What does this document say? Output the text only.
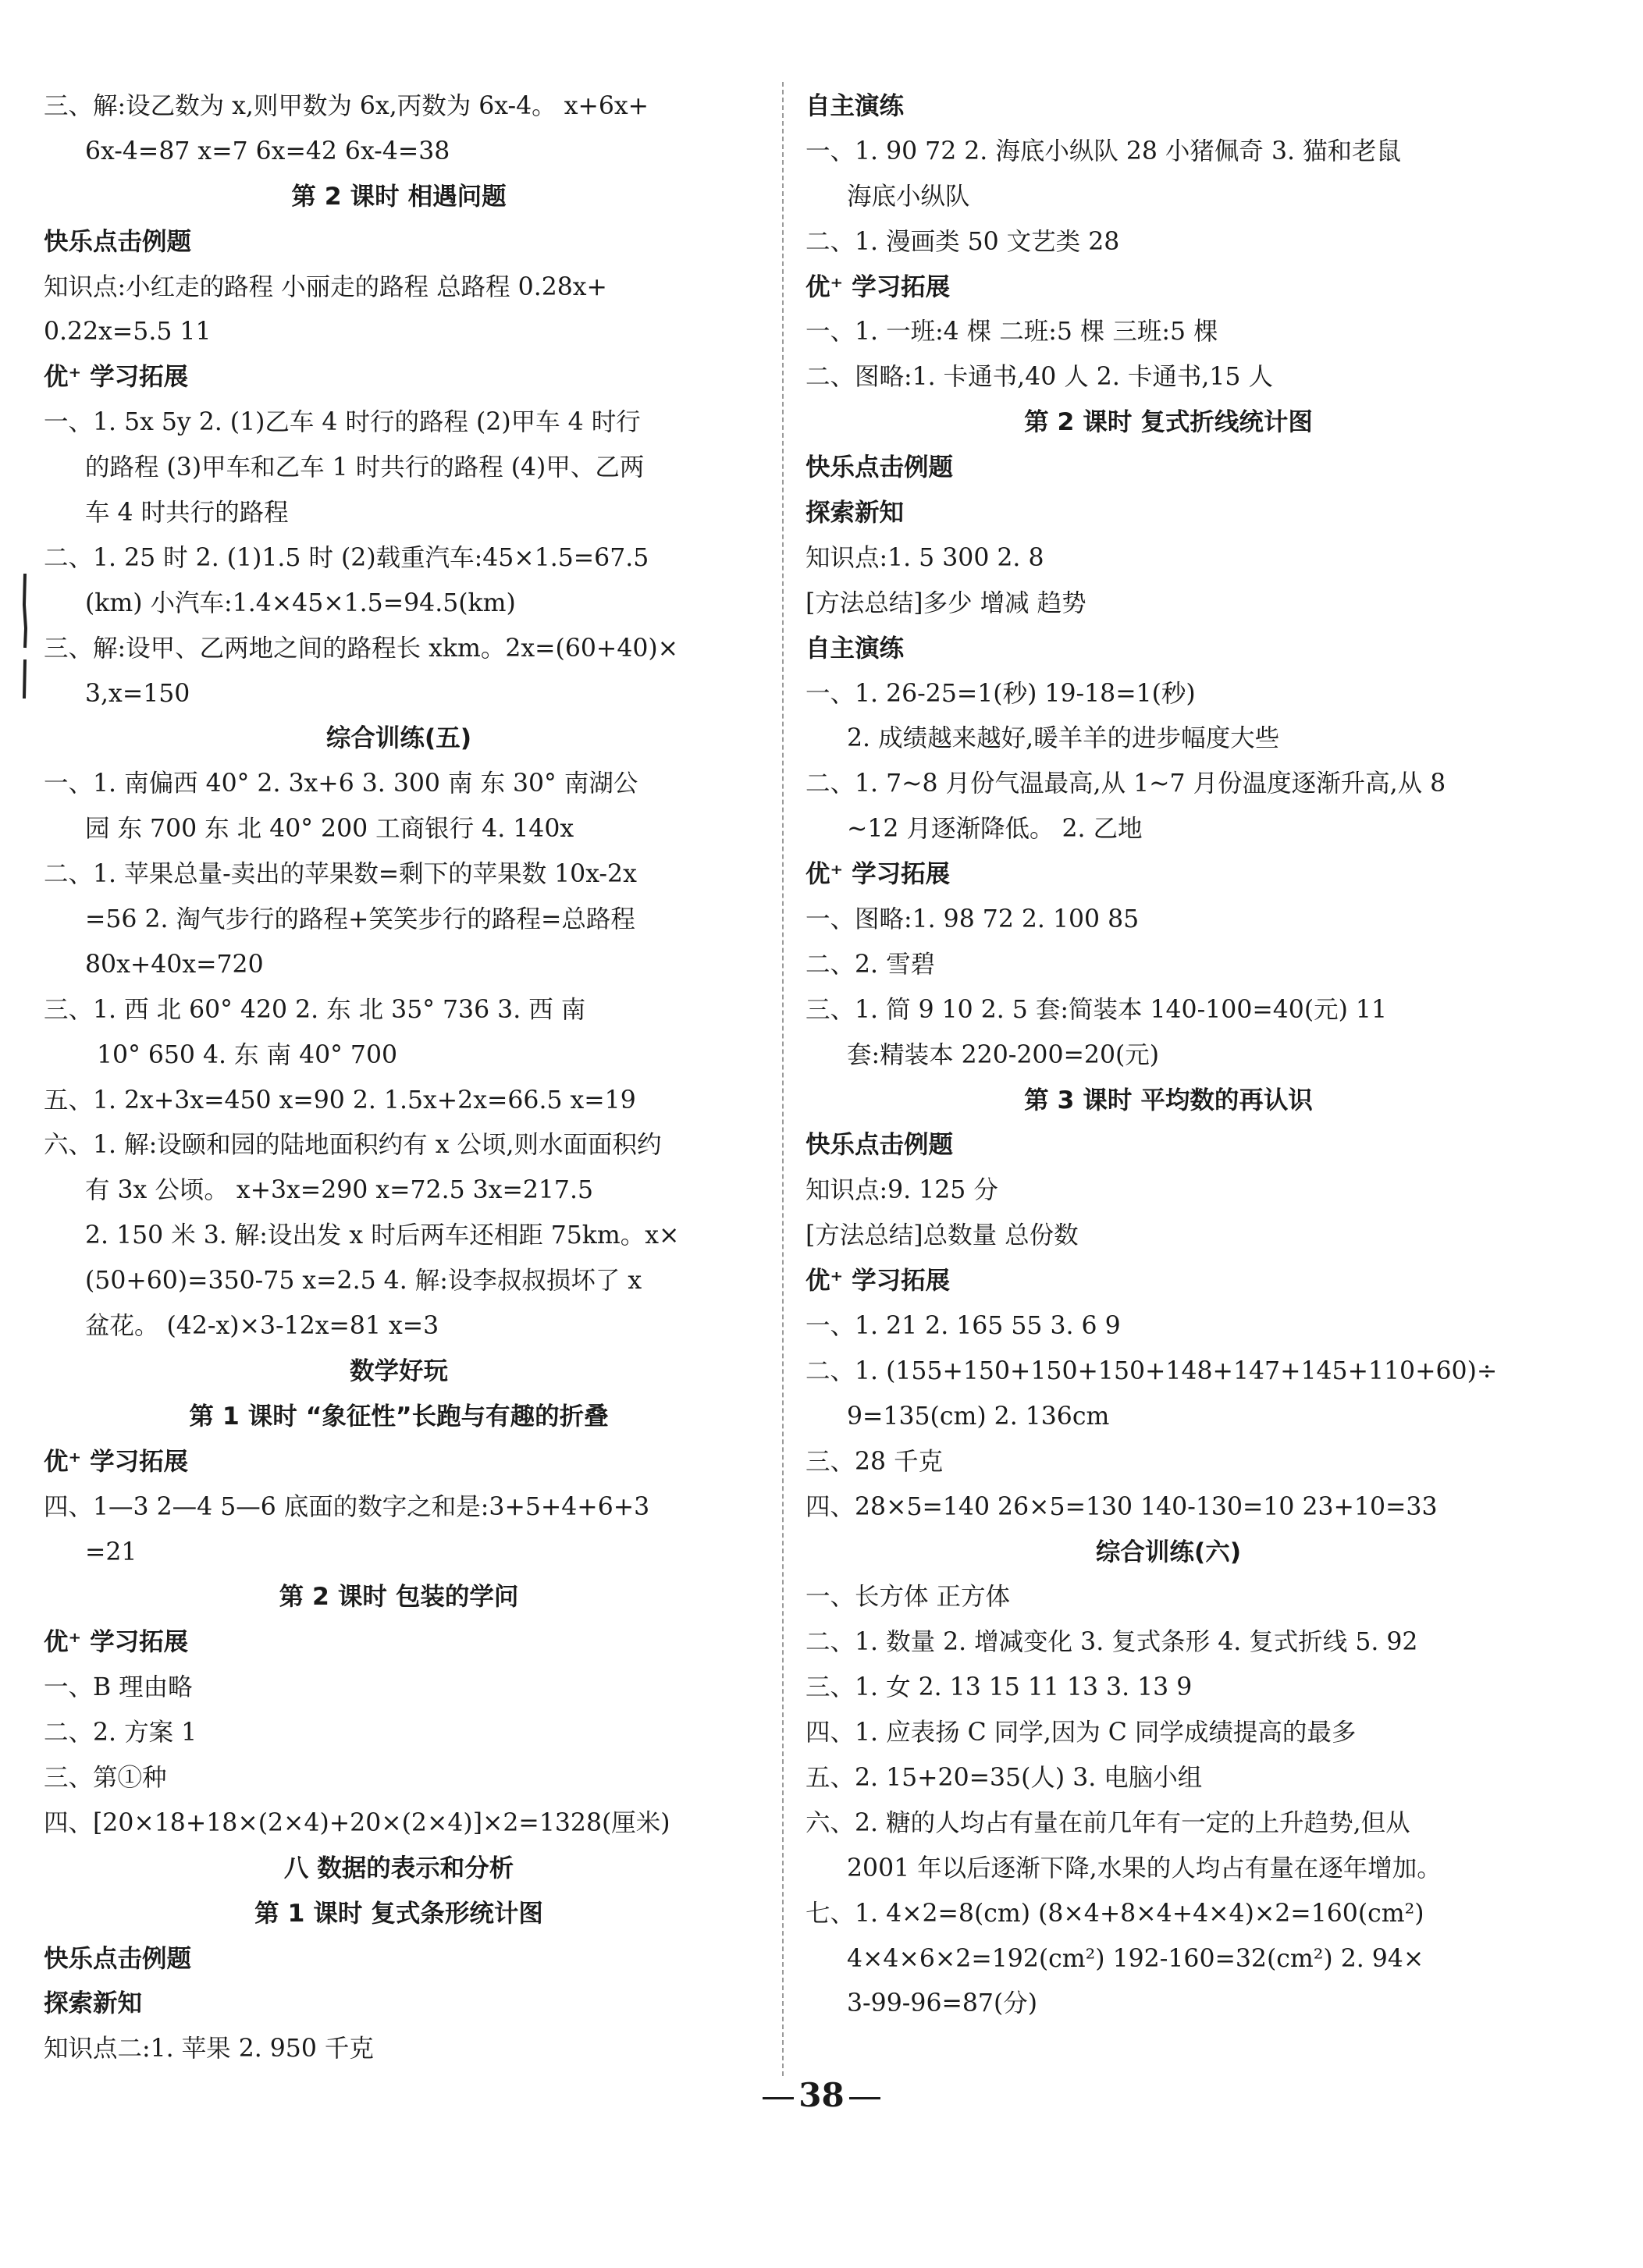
三、解:设乙数为 x,则甲数为 6x,丙数为 6x-4。 x+6x+
6x-4=87 x=7 6x=42 6x-4=38
第 2 课时 相遇问题
快乐点击例题
知识点:小红走的路程 小丽走的路程 总路程 0.28x+
0.22x=5.5 11
优⁺ 学习拓展
一、1. 5x 5y 2. (1)乙车 4 时行的路程 (2)甲车 4 时行
的路程 (3)甲车和乙车 1 时共行的路程 (4)甲、乙两
车 4 时共行的路程
二、1. 25 时 2. (1)1.5 时 (2)载重汽车:45×1.5=67.5
(km) 小汽车:1.4×45×1.5=94.5(km)
三、解:设甲、乙两地之间的路程长 xkm。2x=(60+40)×
3,x=150
综合训练(五)
一、1. 南偏西 40° 2. 3x+6 3. 300 南 东 30° 南湖公
园 东 700 东 北 40° 200 工商银行 4. 140x
二、1. 苹果总量-卖出的苹果数=剩下的苹果数 10x-2x
=56 2. 淘气步行的路程+笑笑步行的路程=总路程
80x+40x=720
三、1. 西 北 60° 420 2. 东 北 35° 736 3. 西 南
10° 650 4. 东 南 40° 700
五、1. 2x+3x=450 x=90 2. 1.5x+2x=66.5 x=19
六、1. 解:设颐和园的陆地面积约有 x 公顷,则水面面积约
有 3x 公顷。 x+3x=290 x=72.5 3x=217.5
2. 150 米 3. 解:设出发 x 时后两车还相距 75km。x×
(50+60)=350-75 x=2.5 4. 解:设李叔叔损坏了 x
盆花。 (42-x)×3-12x=81 x=3
数学好玩
第 1 课时 “象征性”长跑与有趣的折叠
优⁺ 学习拓展
四、1—3 2—4 5—6 底面的数字之和是:3+5+4+6+3
=21
第 2 课时 包装的学问
优⁺ 学习拓展
一、B 理由略
二、2. 方案 1
三、第①种
四、[20×18+18×(2×4)+20×(2×4)]×2=1328(厘米)
八 数据的表示和分析
第 1 课时 复式条形统计图
快乐点击例题
探索新知
知识点二:1. 苹果 2. 950 千克
自主演练
一、1. 90 72 2. 海底小纵队 28 小猪佩奇 3. 猫和老鼠
海底小纵队
二、1. 漫画类 50 文艺类 28
优⁺ 学习拓展
一、1. 一班:4 棵 二班:5 棵 三班:5 棵
二、图略:1. 卡通书,40 人 2. 卡通书,15 人
第 2 课时 复式折线统计图
快乐点击例题
探索新知
知识点:1. 5 300 2. 8
[方法总结]多少 增减 趋势
自主演练
一、1. 26-25=1(秒) 19-18=1(秒)
2. 成绩越来越好,暖羊羊的进步幅度大些
二、1. 7~8 月份气温最高,从 1~7 月份温度逐渐升高,从 8
~12 月逐渐降低。 2. 乙地
优⁺ 学习拓展
一、图略:1. 98 72 2. 100 85
二、2. 雪碧
三、1. 简 9 10 2. 5 套:简装本 140-100=40(元) 11
套:精装本 220-200=20(元)
第 3 课时 平均数的再认识
快乐点击例题
知识点:9. 125 分
[方法总结]总数量 总份数
优⁺ 学习拓展
一、1. 21 2. 165 55 3. 6 9
二、1. (155+150+150+150+148+147+145+110+60)÷
9=135(cm) 2. 136cm
三、28 千克
四、28×5=140 26×5=130 140-130=10 23+10=33
综合训练(六)
一、长方体 正方体
二、1. 数量 2. 增减变化 3. 复式条形 4. 复式折线 5. 92
三、1. 女 2. 13 15 11 13 3. 13 9
四、1. 应表扬 C 同学,因为 C 同学成绩提高的最多
五、2. 15+20=35(人) 3. 电脑小组
六、2. 糖的人均占有量在前几年有一定的上升趋势,但从
2001 年以后逐渐下降,水果的人均占有量在逐年增加。
七、1. 4×2=8(cm) (8×4+8×4+4×4)×2=160(cm²)
4×4×6×2=192(cm²) 192-160=32(cm²) 2. 94×
3-99-96=87(分)
38
